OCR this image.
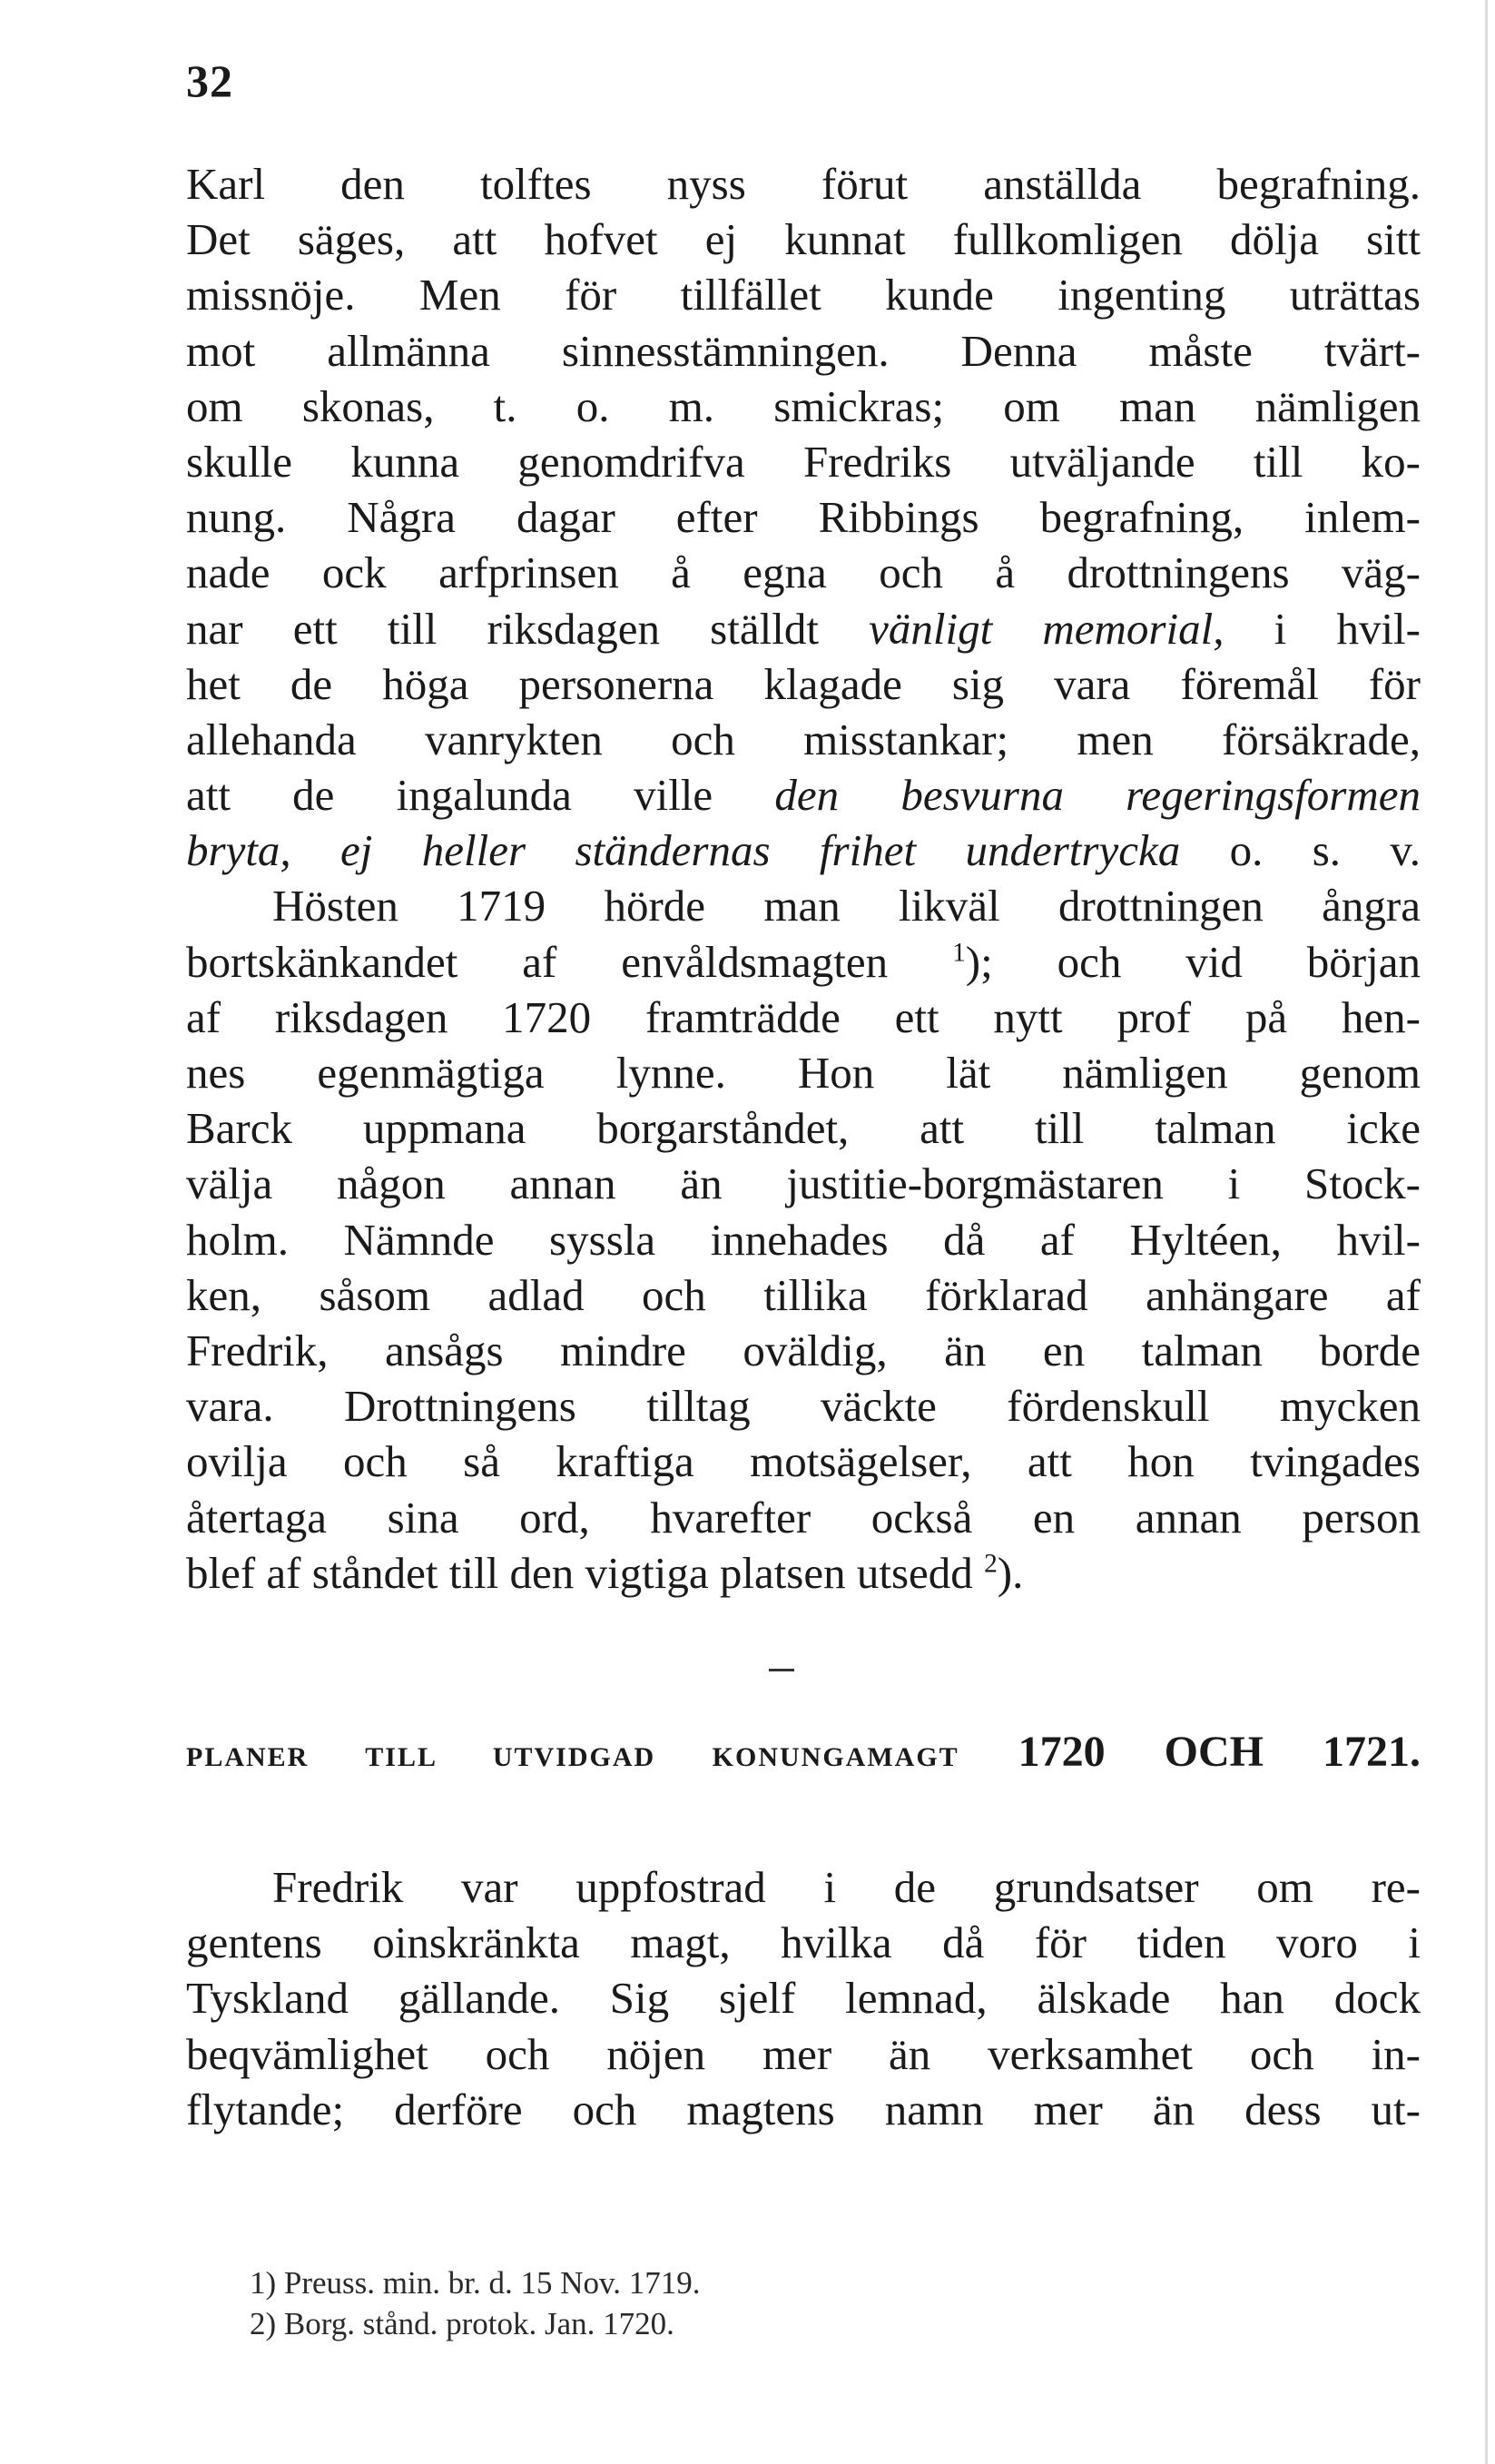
32
Karl den tolftes nyss förut anställda begrafning.
Det säges, att hofvet ej kunnat fullkomligen dölja sitt
missnöje. Men för tillfället kunde ingenting uträttas
mot allmänna sinnesstämningen. Denna måste tvärt-
om skonas, t. o. m. smickras; om man nämligen
skulle kunna genomdrifva Fredriks utväljande till ko-
nung. Några dagar efter Ribbings begrafning, inlem-
nade ock arfprinsen å egna och å drottningens väg-
nar ett till riksdagen ställdt vänligt memorial, i hvil-
het de höga personerna klagade sig vara föremål för
allehanda vanrykten och misstankar; men försäkrade,
att de ingalunda ville den besvurna regeringsformen
bryta, ej heller ständernas frihet undertrycka o. s. v.
Hösten 1719 hörde man likväl drottningen ångra
bortskänkandet af envåldsmagten $^1$); och vid början
af riksdagen 1720 framträdde ett nytt prof på hen-
nes egenmägtiga lynne. Hon lät nämligen genom
Barck uppmana borgarståndet, att till talman icke
välja någon annan än justitie-borgmästaren i Stock-
holm. Nämnde syssla innehades då af Hyltéen, hvil-
ken, såsom adlad och tillika förklarad anhängare af
Fredrik, ansågs mindre oväldig, än en talman borde
vara. Drottningens tilltag väckte fördenskull mycken
ovilja och så kraftiga motsägelser, att hon tvingades
återtaga sina ord, hvarefter också en annan person
blef af ståndet till den vigtiga platsen utsedd $^2$).
PLANER TILL UTVIDGAD KONUNGAMAGT 1720 OCH 1721.
Fredrik var uppfostrad i de grundsatser om re-
gentens oinskränkta magt, hvilka då för tiden voro i
Tyskland gällande. Sig sjelf lemnad, älskade han dock
beqvämlighet och nöjen mer än verksamhet och in-
flytande; derföre och magtens namn mer än dess ut-
1) Preuss. min. br. d. 15 Nov. 1719.
2) Borg. stånd. protok. Jan. 1720.
